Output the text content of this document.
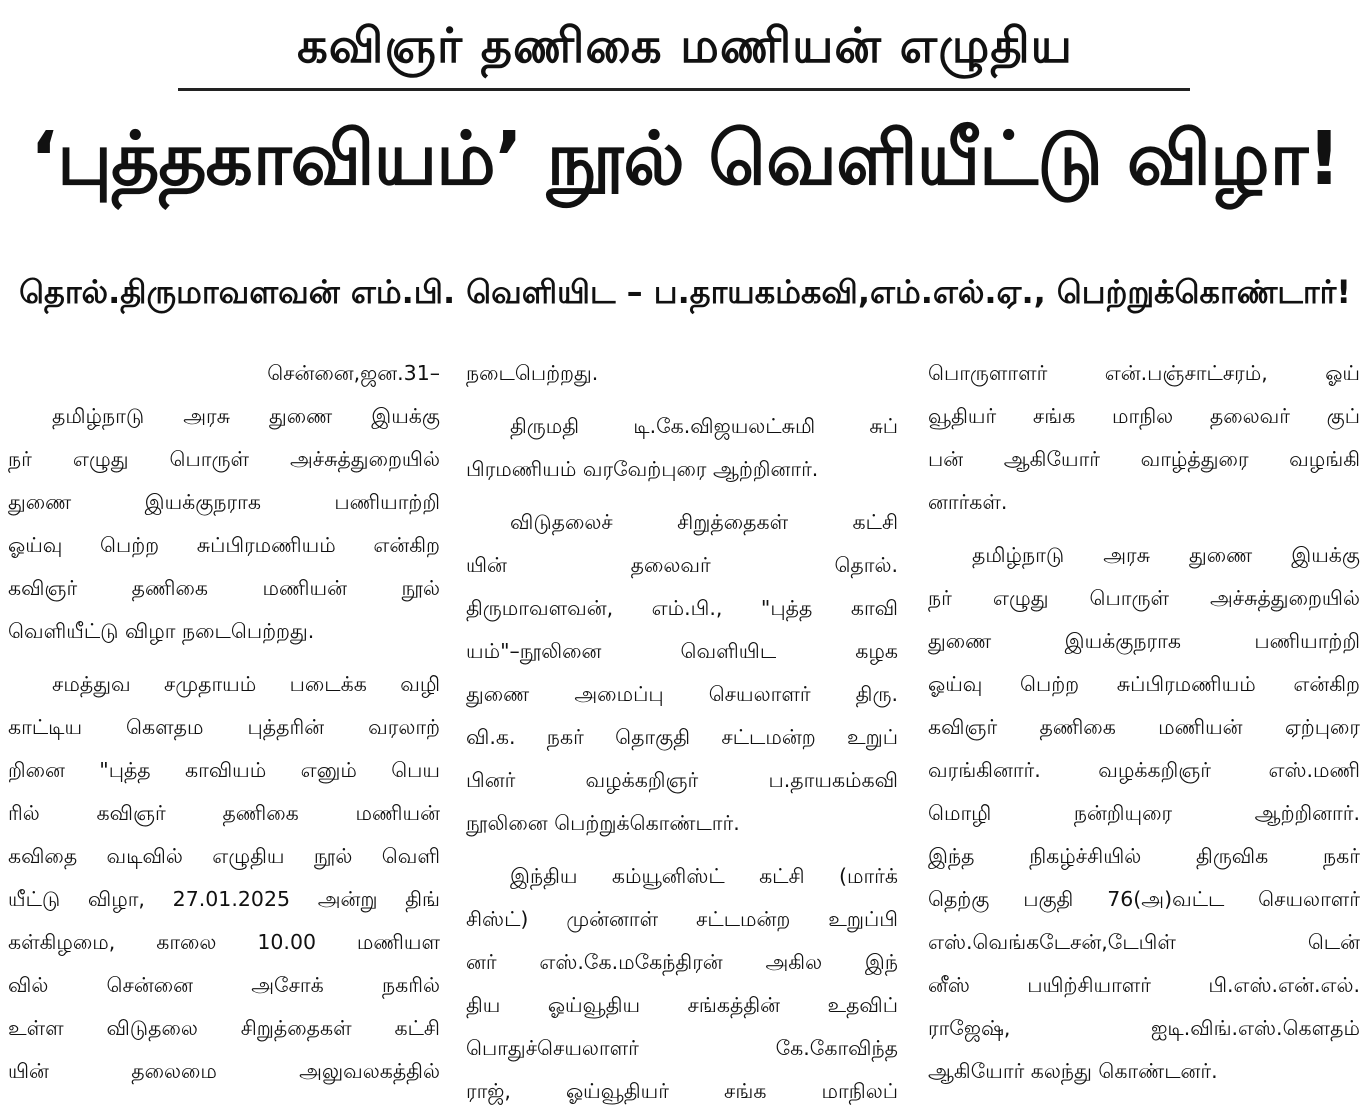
கவிஞர் தணிகை மணியன் எழுதிய
‘புத்தகாவியம்’ நூல் வெளியீட்டு விழா!
தொல்.திருமாவளவன் எம்.பி. வெளியிட – ப.தாயகம்கவி,எம்.எல்.ஏ., பெற்றுக்கொண்டார்!
சென்னை,ஜன.31–
தமிழ்நாடு அரசு துணை இயக்கு
நர் எழுது பொருள் அச்சுத்துறையில்
துணை இயக்குநராக பணியாற்றி
ஓய்வு பெற்ற சுப்பிரமணியம் என்கிற
கவிஞர் தணிகை மணியன் நூல்
வெளியீட்டு விழா நடைபெற்றது.
சமத்துவ சமுதாயம் படைக்க வழி
காட்டிய கௌதம புத்தரின் வரலாற்
றினை "புத்த காவியம் எனும் பெய
ரில் கவிஞர் தணிகை மணியன்
கவிதை வடிவில் எழுதிய நூல் வெளி
யீட்டு விழா, 27.01.2025 அன்று திங்
கள்கிழமை, காலை 10.00 மணியள
வில் சென்னை அசோக் நகரில்
உள்ள விடுதலை சிறுத்தைகள் கட்சி
யின் தலைமை அலுவலகத்தில்
நடைபெற்றது.
திருமதி டி.கே.விஜயலட்சுமி சுப்
பிரமணியம் வரவேற்புரை ஆற்றினார்.
விடுதலைச் சிறுத்தைகள் கட்சி
யின் தலைவர் தொல்.
திருமாவளவன், எம்.பி., "புத்த காவி
யம்"–நூலினை வெளியிட கழக
துணை அமைப்பு செயலாளர் திரு.
வி.க. நகர் தொகுதி சட்டமன்ற உறுப்
பினர் வழக்கறிஞர் ப.தாயகம்கவி
நூலினை பெற்றுக்கொண்டார்.
இந்திய கம்யூனிஸ்ட் கட்சி (மார்க்
சிஸ்ட்) முன்னாள் சட்டமன்ற உறுப்பி
னர் எஸ்.கே.மகேந்திரன் அகில இந்
திய ஓய்வூதிய சங்கத்தின் உதவிப்
பொதுச்செயலாளர் கே.கோவிந்த
ராஜ், ஓய்வூதியர் சங்க மாநிலப்
பொருளாளர் என்.பஞ்சாட்சரம், ஓய்
வூதியர் சங்க மாநில தலைவர் குப்
பன் ஆகியோர் வாழ்த்துரை வழங்கி
னார்கள்.
தமிழ்நாடு அரசு துணை இயக்கு
நர் எழுது பொருள் அச்சுத்துறையில்
துணை இயக்குநராக பணியாற்றி
ஓய்வு பெற்ற சுப்பிரமணியம் என்கிற
கவிஞர் தணிகை மணியன் ஏற்புரை
வரங்கினார். வழக்கறிஞர் எஸ்.மணி
மொழி நன்றியுரை ஆற்றினார்.
இந்த நிகழ்ச்சியில் திருவிக நகர்
தெற்கு பகுதி 76(அ)வட்ட செயலாளர்
எஸ்.வெங்கடேசன்,டேபிள் டென்
னீஸ் பயிற்சியாளர் பி.எஸ்.என்.எல்.
ராஜேஷ், ஐடி.விங்.எஸ்.கௌதம்
ஆகியோர் கலந்து கொண்டனர்.
